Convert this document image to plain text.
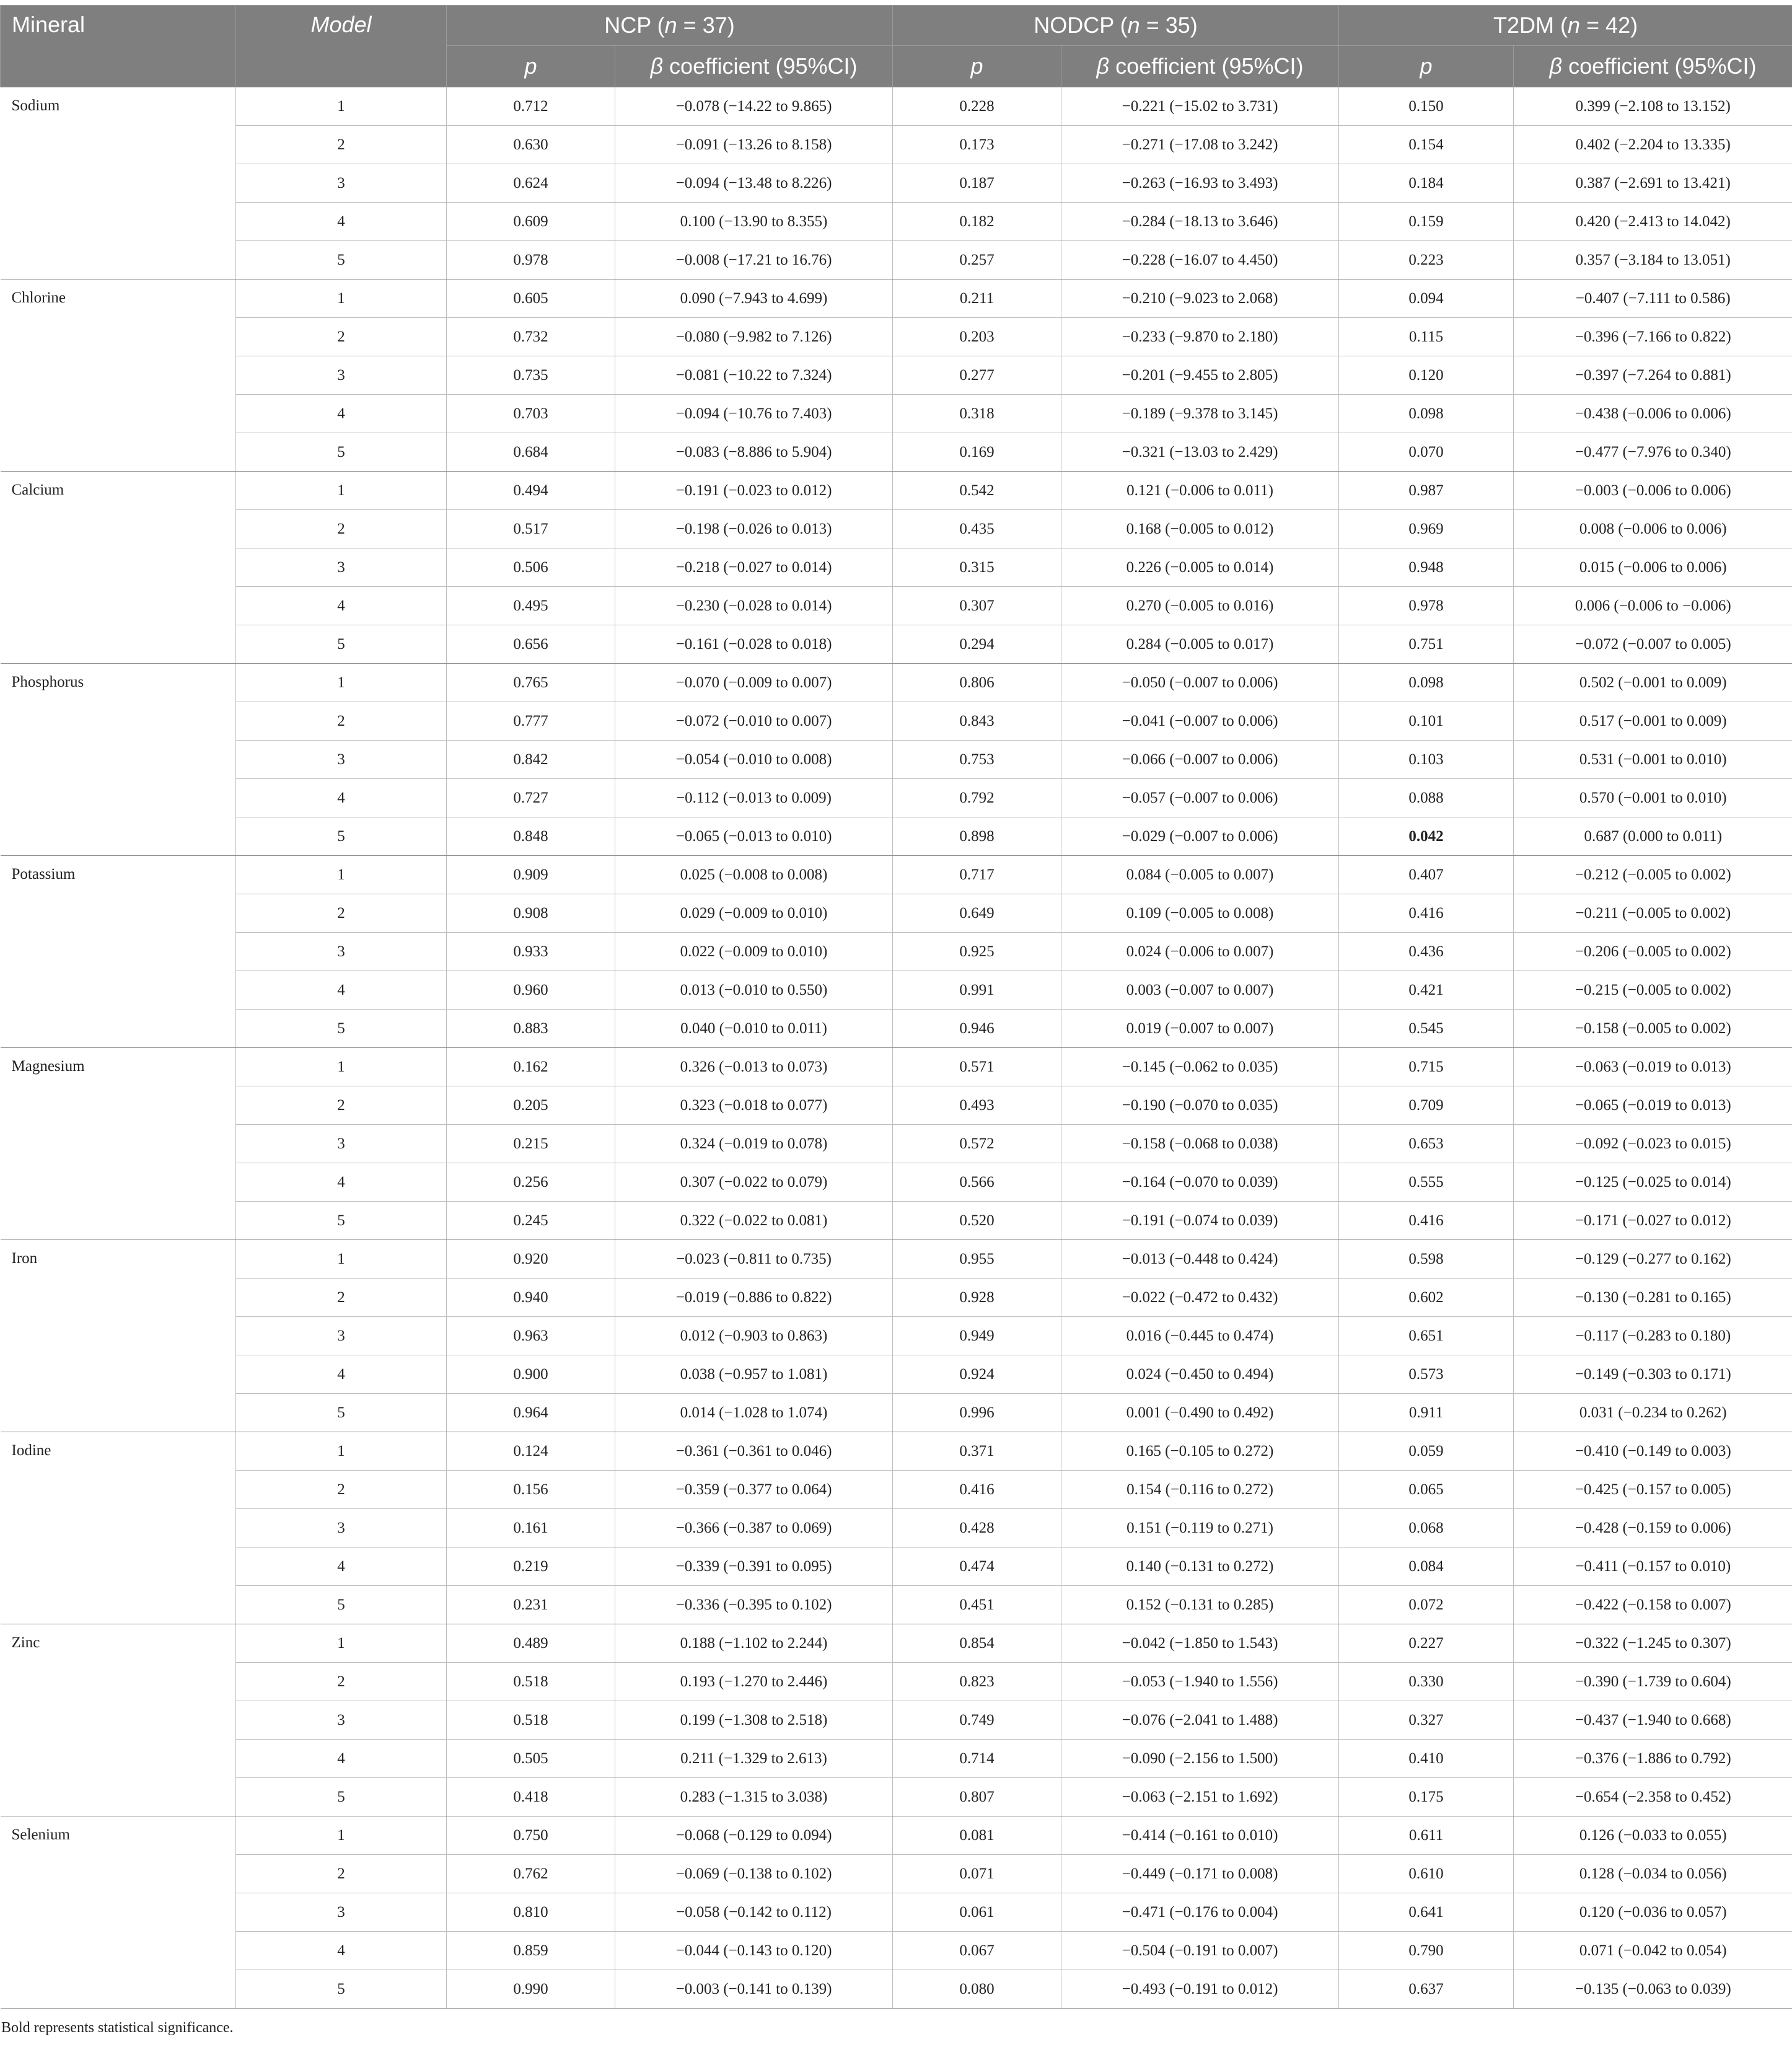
Mineral	Model	NCP (n = 37)		NODCP (n = 35)		T2DM (n = 42)	
		p	β coefficient (95%CI)	p	β coefficient (95%CI)	p	β coefficient (95%CI)
Sodium	1	0.712	−0.078 (−14.22 to 9.865)	0.228	−0.221 (−15.02 to 3.731)	0.150	0.399 (−2.108 to 13.152)
	2	0.630	−0.091 (−13.26 to 8.158)	0.173	−0.271 (−17.08 to 3.242)	0.154	0.402 (−2.204 to 13.335)
	3	0.624	−0.094 (−13.48 to 8.226)	0.187	−0.263 (−16.93 to 3.493)	0.184	0.387 (−2.691 to 13.421)
	4	0.609	0.100 (−13.90 to 8.355)	0.182	−0.284 (−18.13 to 3.646)	0.159	0.420 (−2.413 to 14.042)
	5	0.978	−0.008 (−17.21 to 16.76)	0.257	−0.228 (−16.07 to 4.450)	0.223	0.357 (−3.184 to 13.051)
Chlorine	1	0.605	0.090 (−7.943 to 4.699)	0.211	−0.210 (−9.023 to 2.068)	0.094	−0.407 (−7.111 to 0.586)
	2	0.732	−0.080 (−9.982 to 7.126)	0.203	−0.233 (−9.870 to 2.180)	0.115	−0.396 (−7.166 to 0.822)
	3	0.735	−0.081 (−10.22 to 7.324)	0.277	−0.201 (−9.455 to 2.805)	0.120	−0.397 (−7.264 to 0.881)
	4	0.703	−0.094 (−10.76 to 7.403)	0.318	−0.189 (−9.378 to 3.145)	0.098	−0.438 (−0.006 to 0.006)
	5	0.684	−0.083 (−8.886 to 5.904)	0.169	−0.321 (−13.03 to 2.429)	0.070	−0.477 (−7.976 to 0.340)
Calcium	1	0.494	−0.191 (−0.023 to 0.012)	0.542	0.121 (−0.006 to 0.011)	0.987	−0.003 (−0.006 to 0.006)
	2	0.517	−0.198 (−0.026 to 0.013)	0.435	0.168 (−0.005 to 0.012)	0.969	0.008 (−0.006 to 0.006)
	3	0.506	−0.218 (−0.027 to 0.014)	0.315	0.226 (−0.005 to 0.014)	0.948	0.015 (−0.006 to 0.006)
	4	0.495	−0.230 (−0.028 to 0.014)	0.307	0.270 (−0.005 to 0.016)	0.978	0.006 (−0.006 to −0.006)
	5	0.656	−0.161 (−0.028 to 0.018)	0.294	0.284 (−0.005 to 0.017)	0.751	−0.072 (−0.007 to 0.005)
Phosphorus	1	0.765	−0.070 (−0.009 to 0.007)	0.806	−0.050 (−0.007 to 0.006)	0.098	0.502 (−0.001 to 0.009)
	2	0.777	−0.072 (−0.010 to 0.007)	0.843	−0.041 (−0.007 to 0.006)	0.101	0.517 (−0.001 to 0.009)
	3	0.842	−0.054 (−0.010 to 0.008)	0.753	−0.066 (−0.007 to 0.006)	0.103	0.531 (−0.001 to 0.010)
	4	0.727	−0.112 (−0.013 to 0.009)	0.792	−0.057 (−0.007 to 0.006)	0.088	0.570 (−0.001 to 0.010)
	5	0.848	−0.065 (−0.013 to 0.010)	0.898	−0.029 (−0.007 to 0.006)	0.042	0.687 (0.000 to 0.011)
Potassium	1	0.909	0.025 (−0.008 to 0.008)	0.717	0.084 (−0.005 to 0.007)	0.407	−0.212 (−0.005 to 0.002)
	2	0.908	0.029 (−0.009 to 0.010)	0.649	0.109 (−0.005 to 0.008)	0.416	−0.211 (−0.005 to 0.002)
	3	0.933	0.022 (−0.009 to 0.010)	0.925	0.024 (−0.006 to 0.007)	0.436	−0.206 (−0.005 to 0.002)
	4	0.960	0.013 (−0.010 to 0.550)	0.991	0.003 (−0.007 to 0.007)	0.421	−0.215 (−0.005 to 0.002)
	5	0.883	0.040 (−0.010 to 0.011)	0.946	0.019 (−0.007 to 0.007)	0.545	−0.158 (−0.005 to 0.002)
Magnesium	1	0.162	0.326 (−0.013 to 0.073)	0.571	−0.145 (−0.062 to 0.035)	0.715	−0.063 (−0.019 to 0.013)
	2	0.205	0.323 (−0.018 to 0.077)	0.493	−0.190 (−0.070 to 0.035)	0.709	−0.065 (−0.019 to 0.013)
	3	0.215	0.324 (−0.019 to 0.078)	0.572	−0.158 (−0.068 to 0.038)	0.653	−0.092 (−0.023 to 0.015)
	4	0.256	0.307 (−0.022 to 0.079)	0.566	−0.164 (−0.070 to 0.039)	0.555	−0.125 (−0.025 to 0.014)
	5	0.245	0.322 (−0.022 to 0.081)	0.520	−0.191 (−0.074 to 0.039)	0.416	−0.171 (−0.027 to 0.012)
Iron	1	0.920	−0.023 (−0.811 to 0.735)	0.955	−0.013 (−0.448 to 0.424)	0.598	−0.129 (−0.277 to 0.162)
	2	0.940	−0.019 (−0.886 to 0.822)	0.928	−0.022 (−0.472 to 0.432)	0.602	−0.130 (−0.281 to 0.165)
	3	0.963	0.012 (−0.903 to 0.863)	0.949	0.016 (−0.445 to 0.474)	0.651	−0.117 (−0.283 to 0.180)
	4	0.900	0.038 (−0.957 to 1.081)	0.924	0.024 (−0.450 to 0.494)	0.573	−0.149 (−0.303 to 0.171)
	5	0.964	0.014 (−1.028 to 1.074)	0.996	0.001 (−0.490 to 0.492)	0.911	0.031 (−0.234 to 0.262)
Iodine	1	0.124	−0.361 (−0.361 to 0.046)	0.371	0.165 (−0.105 to 0.272)	0.059	−0.410 (−0.149 to 0.003)
	2	0.156	−0.359 (−0.377 to 0.064)	0.416	0.154 (−0.116 to 0.272)	0.065	−0.425 (−0.157 to 0.005)
	3	0.161	−0.366 (−0.387 to 0.069)	0.428	0.151 (−0.119 to 0.271)	0.068	−0.428 (−0.159 to 0.006)
	4	0.219	−0.339 (−0.391 to 0.095)	0.474	0.140 (−0.131 to 0.272)	0.084	−0.411 (−0.157 to 0.010)
	5	0.231	−0.336 (−0.395 to 0.102)	0.451	0.152 (−0.131 to 0.285)	0.072	−0.422 (−0.158 to 0.007)
Zinc	1	0.489	0.188 (−1.102 to 2.244)	0.854	−0.042 (−1.850 to 1.543)	0.227	−0.322 (−1.245 to 0.307)
	2	0.518	0.193 (−1.270 to 2.446)	0.823	−0.053 (−1.940 to 1.556)	0.330	−0.390 (−1.739 to 0.604)
	3	0.518	0.199 (−1.308 to 2.518)	0.749	−0.076 (−2.041 to 1.488)	0.327	−0.437 (−1.940 to 0.668)
	4	0.505	0.211 (−1.329 to 2.613)	0.714	−0.090 (−2.156 to 1.500)	0.410	−0.376 (−1.886 to 0.792)
	5	0.418	0.283 (−1.315 to 3.038)	0.807	−0.063 (−2.151 to 1.692)	0.175	−0.654 (−2.358 to 0.452)
Selenium	1	0.750	−0.068 (−0.129 to 0.094)	0.081	−0.414 (−0.161 to 0.010)	0.611	0.126 (−0.033 to 0.055)
	2	0.762	−0.069 (−0.138 to 0.102)	0.071	−0.449 (−0.171 to 0.008)	0.610	0.128 (−0.034 to 0.056)
	3	0.810	−0.058 (−0.142 to 0.112)	0.061	−0.471 (−0.176 to 0.004)	0.641	0.120 (−0.036 to 0.057)
	4	0.859	−0.044 (−0.143 to 0.120)	0.067	−0.504 (−0.191 to 0.007)	0.790	0.071 (−0.042 to 0.054)
	5	0.990	−0.003 (−0.141 to 0.139)	0.080	−0.493 (−0.191 to 0.012)	0.637	−0.135 (−0.063 to 0.039)
Bold represents statistical significance.
